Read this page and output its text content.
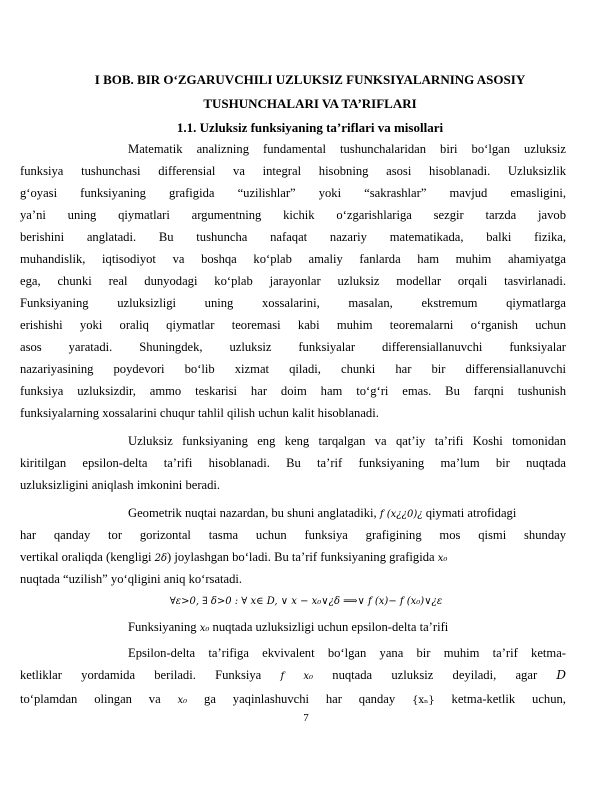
I BOB. BIR O‘ZGARUVCHILI UZLUKSIZ FUNKSIYALARNING ASOSIY
TUSHUNCHALARI VA TA’RIFLARI
1.1. Uzluksiz funksiyaning ta’riflari va misollari
Matematik analizning fundamental tushunchalaridan biri bo‘lgan uzluksiz
funksiya tushunchasi differensial va integral hisobning asosi hisoblanadi. Uzluksizlik
g‘oyasi funksiyaning grafigida “uzilishlar” yoki “sakrashlar” mavjud emasligini,
ya’ni uning qiymatlari argumentning kichik o‘zgarishlariga sezgir tarzda javob
berishini anglatadi. Bu tushuncha nafaqat nazariy matematikada, balki fizika,
muhandislik, iqtisodiyot va boshqa ko‘plab amaliy fanlarda ham muhim ahamiyatga
ega, chunki real dunyodagi ko‘plab jarayonlar uzluksiz modellar orqali tasvirlanadi.
Funksiyaning uzluksizligi uning xossalarini, masalan, ekstremum qiymatlarga
erishishi yoki oraliq qiymatlar teoremasi kabi muhim teoremalarni o‘rganish uchun
asos yaratadi. Shuningdek, uzluksiz funksiyalar differensiallanuvchi funksiyalar
nazariyasining poydevori bo‘lib xizmat qiladi, chunki har bir differensiallanuvchi
funksiya uzluksizdir, ammo teskarisi har doim ham to‘g‘ri emas. Bu farqni tushunish
funksiyalarning xossalarini chuqur tahlil qilish uchun kalit hisoblanadi.
Uzluksiz funksiyaning eng keng tarqalgan va qat’iy ta’rifi Koshi tomonidan
kiritilgan epsilon-delta ta’rifi hisoblanadi. Bu ta’rif funksiyaning ma’lum bir nuqtada
uzluksizligini aniqlash imkonini beradi.
Geometrik nuqtai nazardan, bu shuni anglatadiki, f (x¿¿0)¿ qiymati atrofidagi
har qanday tor gorizontal tasma uchun funksiya grafigining mos qismi shunday
vertikal oraliqda (kengligi 2δ) joylashgan bo‘ladi. Bu ta’rif funksiyaning grafigida x₀
nuqtada “uzilish” yo‘qligini aniq ko‘rsatadi.
∀ε>0, ∃ δ>0 : ∀ x∈ D, ∨ x − x₀∨¿δ ⟹∨ f (x)− f (x₀)∨¿ε
Funksiyaning x₀ nuqtada uzluksizligi uchun epsilon-delta ta’rifi
Epsilon-delta ta’rifiga ekvivalent bo‘lgan yana bir muhim ta’rif ketma-
ketliklar yordamida beriladi. Funksiya f x₀ nuqtada uzluksiz deyiladi, agar D
to‘plamdan olingan va x₀ ga yaqinlashuvchi har qanday {xₙ} ketma-ketlik uchun,
7
